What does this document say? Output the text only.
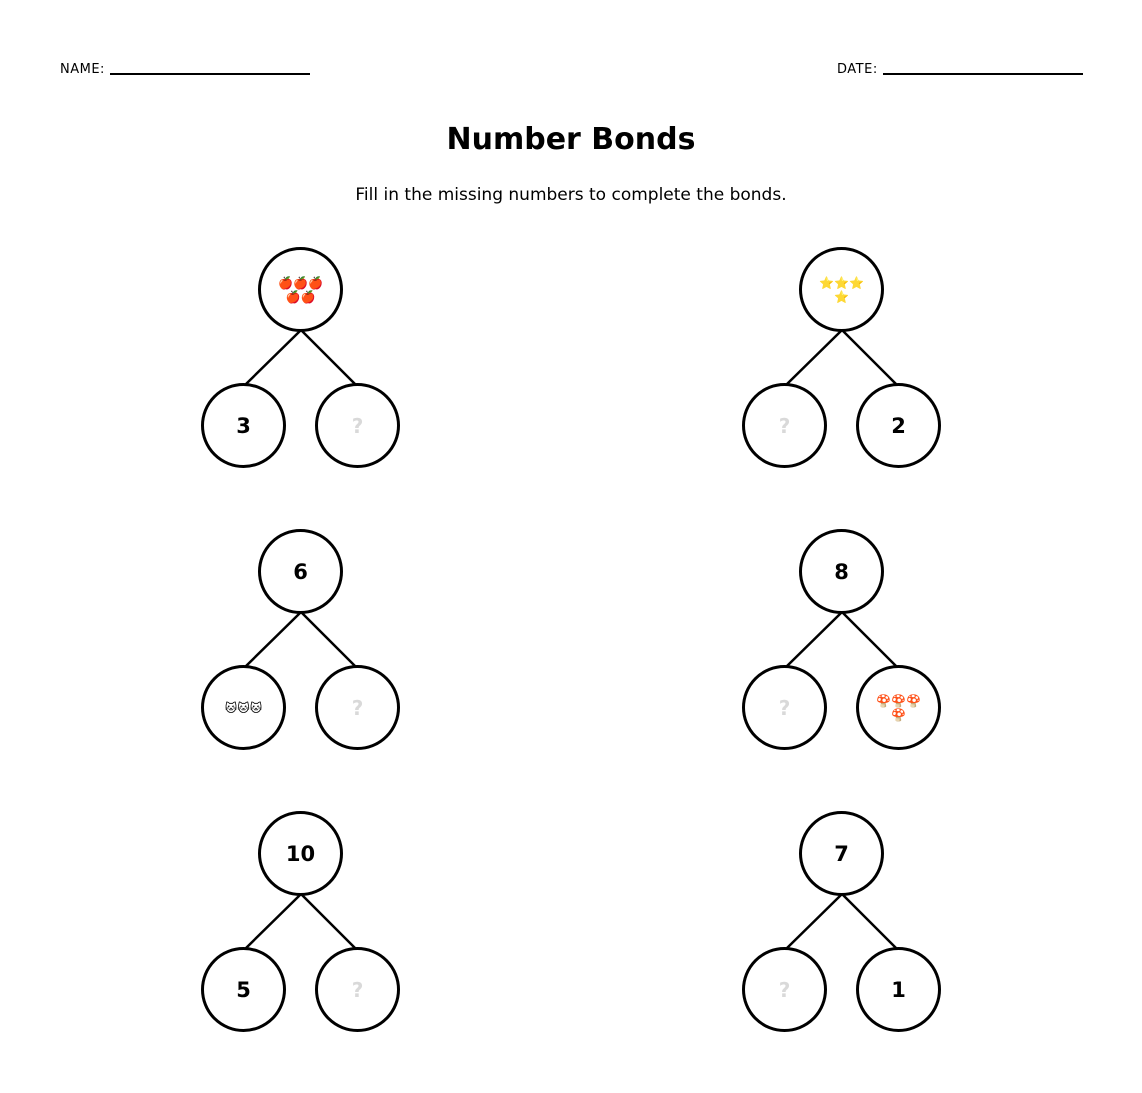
NAME:	DATE:
Number Bonds
Fill in the missing numbers to complete the bonds.
🍎🍎🍎🍎🍎
3	?
⭐⭐⭐⭐
?	2
6
🐱🐱🐱	?
8
?	🍄🍄🍄🍄
10
5	?
7
?	1
